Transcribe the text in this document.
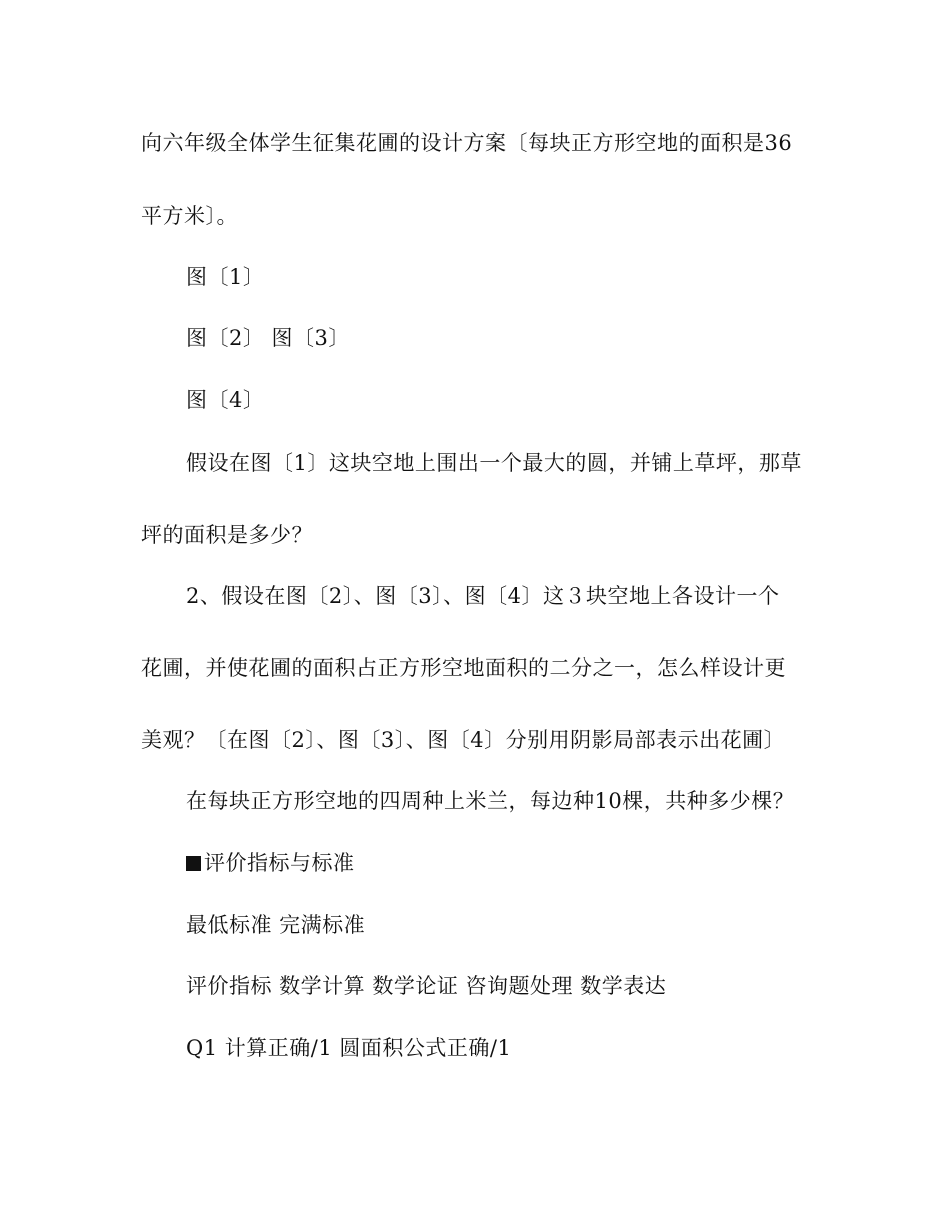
向六年级全体学生征集花圃的设计方案〔每块正方形空地的面积是36
平方米〕。
图〔1〕
图〔2〕 图〔3〕
图〔4〕
假设在图〔1〕这块空地上围出一个最大的圆，并铺上草坪，那草
坪的面积是多少？
2、假设在图〔2〕、图〔3〕、图〔4〕这３块空地上各设计一个
花圃，并使花圃的面积占正方形空地面积的二分之一，怎么样设计更
美观？〔在图〔2〕、图〔3〕、图〔4〕分别用阴影局部表示出花圃〕
在每块正方形空地的四周种上米兰，每边种10棵，共种多少棵？
评价指标与标准
最低标准 完满标准
评价指标 数学计算 数学论证 咨询题处理 数学表达
Q1 计算正确/1 圆面积公式正确/1
